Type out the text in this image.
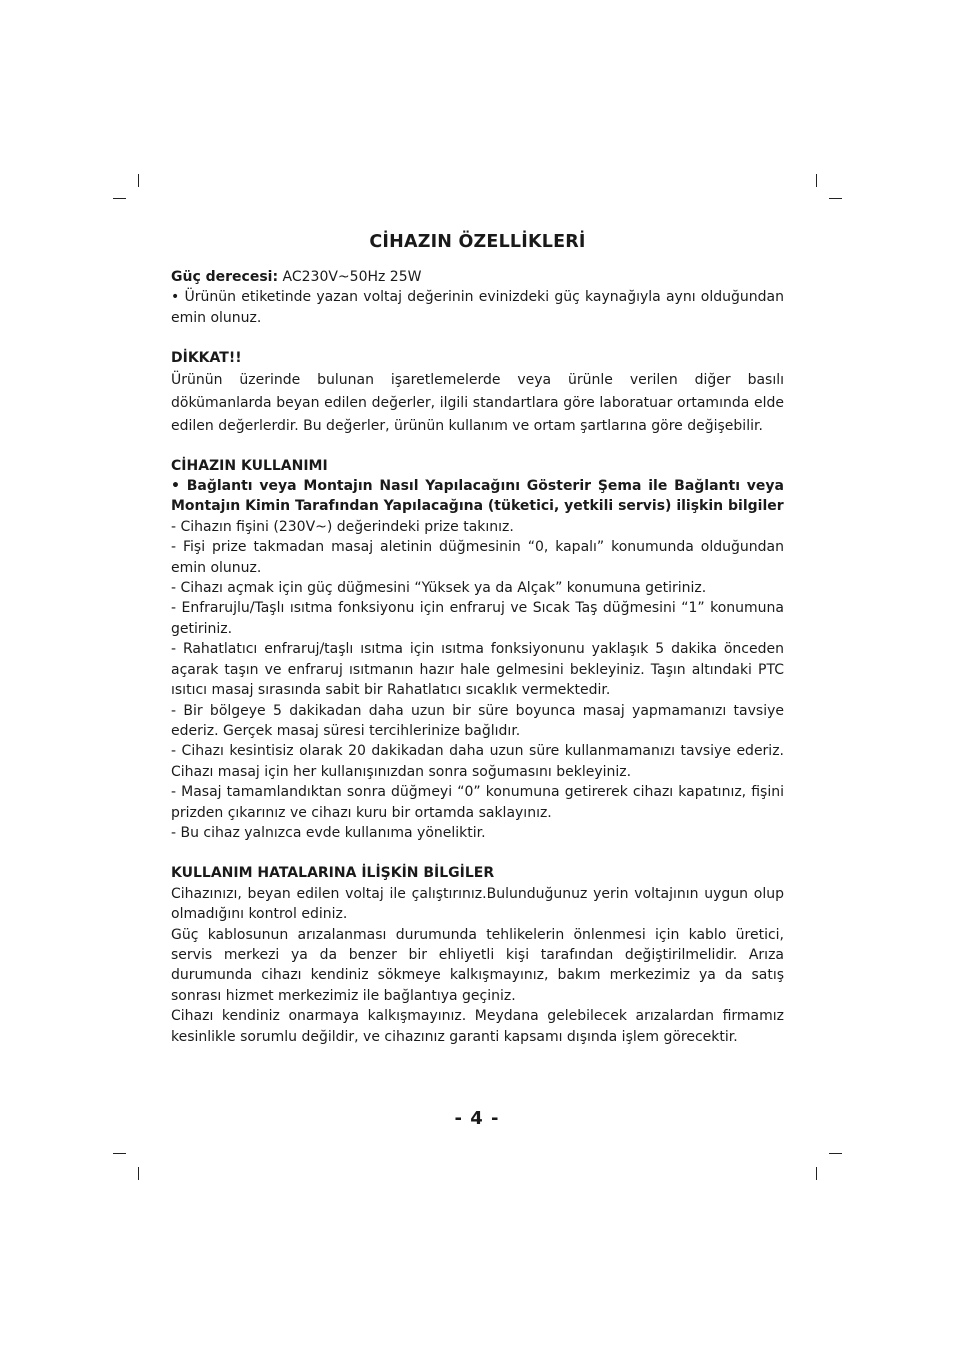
CİHAZIN ÖZELLİKLERİ

Güç derecesi: AC230V~50Hz 25W

• Ürünün etiketinde yazan voltaj değerinin evinizdeki güç kaynağıyla aynı olduğundan emin olunuz.

DİKKAT!!

Ürünün üzerinde bulunan işaretlemelerde veya ürünle verilen diğer basılı dökümanlarda beyan edilen değerler, ilgili standartlara göre laboratuar ortamında elde edilen değerlerdir. Bu değerler, ürünün kullanım ve ortam şartlarına göre değişebilir.

CİHAZIN KULLANIMI

• Bağlantı veya Montajın Nasıl Yapılacağını Gösterir Şema ile Bağlantı veya Montajın Kimin Tarafından Yapılacağına (tüketici, yetkili servis) ilişkin bilgiler

- Cihazın fişini (230V~) değerindeki prize takınız.

- Fişi prize takmadan masaj aletinin düğmesinin “0, kapalı” konumunda olduğundan emin olunuz.

- Cihazı açmak için güç düğmesini “Yüksek ya da Alçak” konumuna getiriniz.

- Enfrarujlu/Taşlı ısıtma fonksiyonu için enfraruj ve Sıcak Taş düğmesini “1” konumuna getiriniz.

- Rahatlatıcı enfraruj/taşlı ısıtma için ısıtma fonksiyonunu yaklaşık 5 dakika önceden açarak taşın ve enfraruj ısıtmanın hazır hale gelmesini bekleyiniz. Taşın altındaki PTC ısıtıcı masaj sırasında sabit bir Rahatlatıcı sıcaklık vermektedir.

- Bir bölgeye 5 dakikadan daha uzun bir süre boyunca masaj yapmamanızı tavsiye ederiz. Gerçek masaj süresi tercihlerinize bağlıdır.

- Cihazı kesintisiz olarak 20 dakikadan daha uzun süre kullanmamanızı tavsiye ederiz. Cihazı masaj için her kullanışınızdan sonra soğumasını bekleyiniz.

- Masaj tamamlandıktan sonra düğmeyi “0” konumuna getirerek cihazı kapatınız, fişini prizden çıkarınız ve cihazı kuru bir ortamda saklayınız.

- Bu cihaz yalnızca evde kullanıma yöneliktir.

KULLANIM HATALARINA İLİŞKİN BİLGİLER

Cihazınızı, beyan edilen voltaj ile çalıştırınız.Bulunduğunuz yerin voltajının uygun olup olmadığını kontrol ediniz.

Güç kablosunun arızalanması durumunda tehlikelerin önlenmesi için kablo üretici, servis merkezi ya da benzer bir ehliyetli kişi tarafından değiştirilmelidir. Arıza durumunda cihazı kendiniz sökmeye kalkışmayınız, bakım merkezimiz ya da satış sonrası hizmet merkezimiz ile bağlantıya geçiniz.

Cihazı kendiniz onarmaya kalkışmayınız. Meydana gelebilecek arızalardan firmamız kesinlikle sorumlu değildir, ve cihazınız garanti kapsamı dışında işlem görecektir.

- 4 -
